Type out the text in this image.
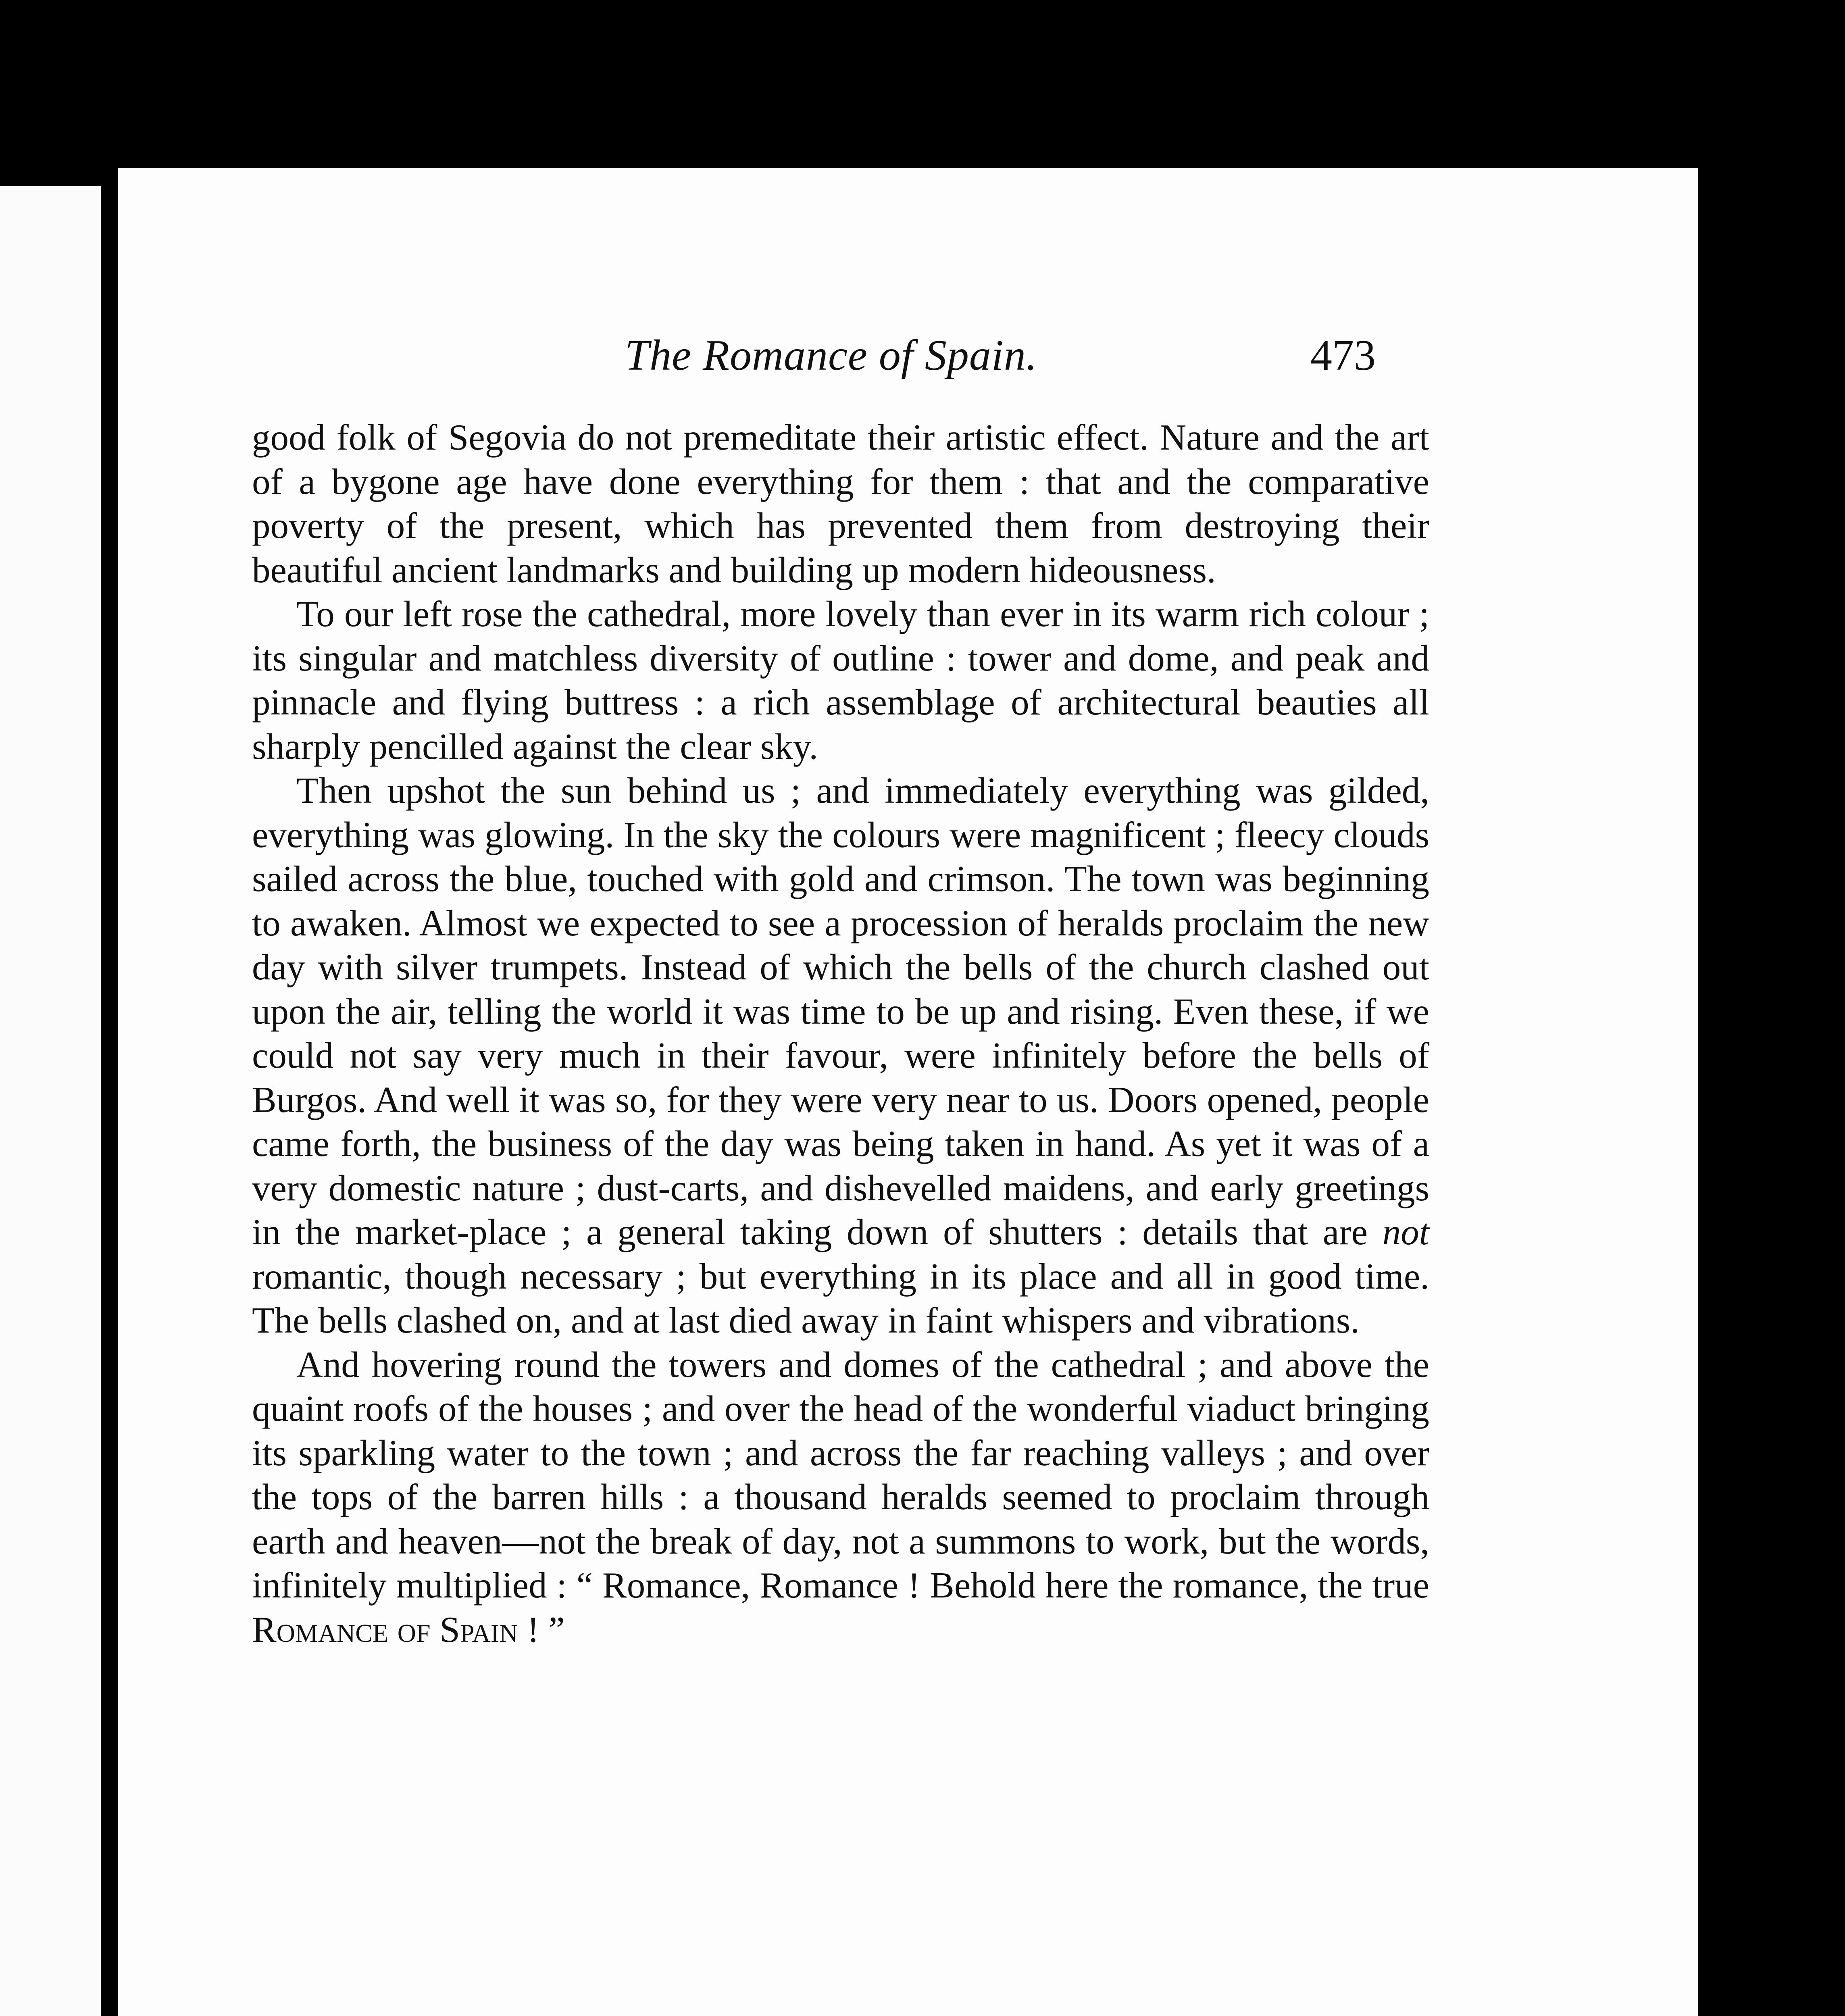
The Romance of Spain.	473

good folk of Segovia do not premeditate their artistic effect. Nature and the art of a bygone age have done everything for them : that and the comparative poverty of the present, which has prevented them from destroying their beautiful ancient landmarks and building up modern hideousness.

To our left rose the cathedral, more lovely than ever in its warm rich colour ; its singular and matchless diversity of outline : tower and dome, and peak and pinnacle and flying buttress : a rich assemblage of architectural beauties all sharply pencilled against the clear sky.

Then upshot the sun behind us ; and immediately everything was gilded, everything was glowing. In the sky the colours were magnificent ; fleecy clouds sailed across the blue, touched with gold and crimson. The town was beginning to awaken. Almost we expected to see a procession of heralds proclaim the new day with silver trumpets. Instead of which the bells of the church clashed out upon the air, telling the world it was time to be up and rising. Even these, if we could not say very much in their favour, were infinitely before the bells of Burgos. And well it was so, for they were very near to us. Doors opened, people came forth, the business of the day was being taken in hand. As yet it was of a very domestic nature ; dust-carts, and dishevelled maidens, and early greetings in the market-place ; a general taking down of shutters : details that are not romantic, though necessary ; but everything in its place and all in good time. The bells clashed on, and at last died away in faint whispers and vibrations.

And hovering round the towers and domes of the cathedral ; and above the quaint roofs of the houses ; and over the head of the wonderful viaduct bringing its sparkling water to the town ; and across the far reaching valleys ; and over the tops of the barren hills : a thousand heralds seemed to proclaim through earth and heaven—not the break of day, not a summons to work, but the words, infinitely multiplied : “ Romance, Romance ! Behold here the romance, the true Romance of Spain ! ”
